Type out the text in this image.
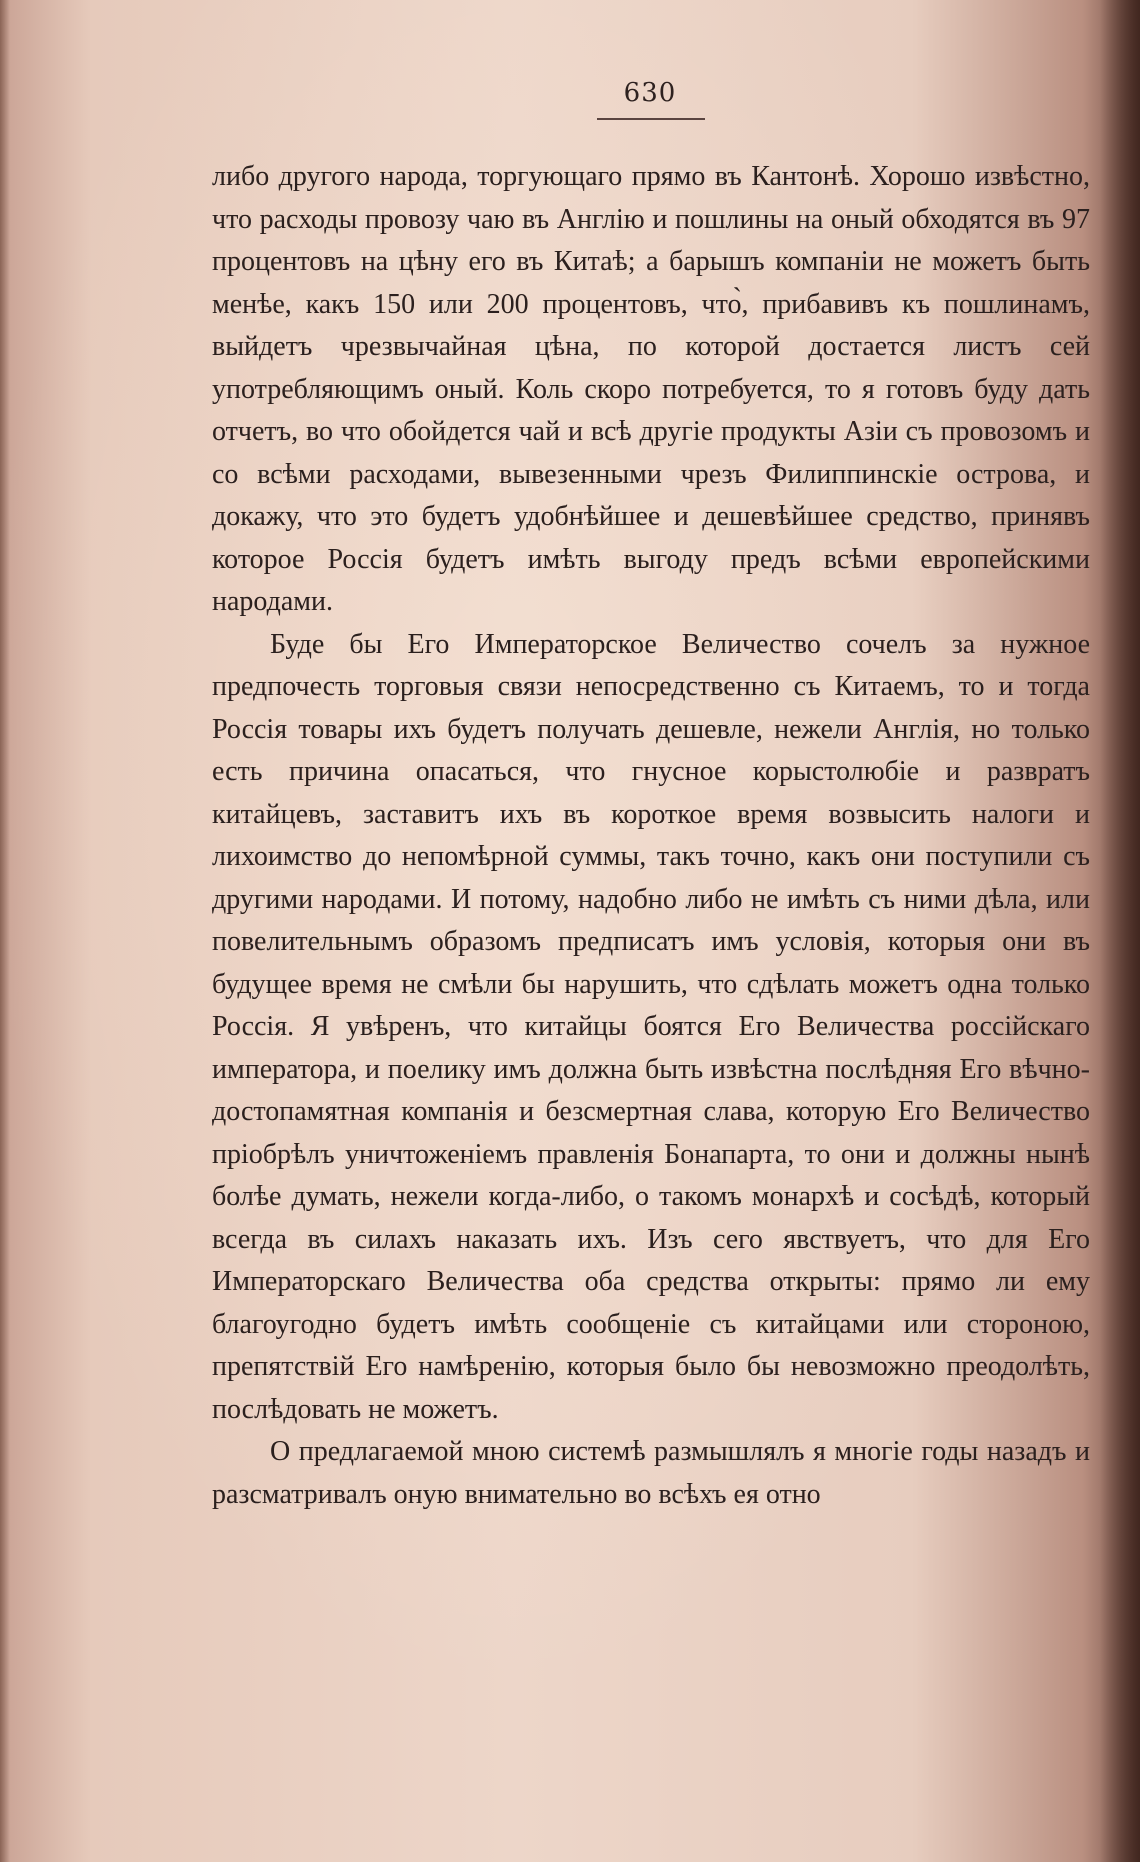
630

либо другого народа, торгующаго прямо въ Кантонѣ. Хорошо извѣстно, что расходы провозу чаю въ Англію и пошлины на оный обходятся въ 97 процентовъ на цѣну его въ Китаѣ; а барышъ компаніи не можетъ быть менѣе, какъ 150 или 200 процентовъ, что̀, прибавивъ къ пошлинамъ, выйдетъ чрезвычайная цѣна, по которой достается листъ сей употребляющимъ оный. Коль скоро потребуется, то я готовъ буду дать отчетъ, во что обойдется чай и всѣ другіе продукты Азіи съ провозомъ и со всѣми расходами, вывезенными чрезъ Филиппинскіе острова, и докажу, что это будетъ удобнѣйшее и дешевѣйшее средство, принявъ которое Россія будетъ имѣть выгоду предъ всѣми европейскими народами.

Буде бы Его Императорское Величество сочелъ за нужное предпочесть торговыя связи непосредственно съ Китаемъ, то и тогда Россія товары ихъ будетъ получать дешевле, нежели Англія, но только есть причина опасаться, что гнусное корыстолюбіе и развратъ китайцевъ, заставитъ ихъ въ короткое время возвысить налоги и лихоимство до непомѣрной суммы, такъ точно, какъ они поступили съ другими народами. И потому, надобно либо не имѣть съ ними дѣла, или повелительнымъ образомъ предписатъ имъ условія, которыя они въ будущее время не смѣли бы нарушить, что сдѣлать можетъ одна только Россія. Я увѣренъ, что китайцы боятся Его Величества россійскаго императора, и поелику имъ должна быть извѣстна послѣдняя Его вѣчно-достопамятная компанія и безсмертная слава, которую Его Величество пріобрѣлъ уничтоженіемъ правленія Бонапарта, то они и должны нынѣ болѣе думать, нежели когда-либо, о такомъ монархѣ и сосѣдѣ, который всегда въ силахъ наказать ихъ. Изъ сего явствуетъ, что для Его Императорскаго Величества оба средства открыты: прямо ли ему благоугодно будетъ имѣть сообщеніе съ китайцами или стороною, препятствій Его намѣренію, которыя было бы невозможно преодолѣть, послѣдовать не можетъ.

О предлагаемой мною системѣ размышлялъ я многіе годы назадъ и разсматривалъ оную внимательно во всѣхъ ея отно
